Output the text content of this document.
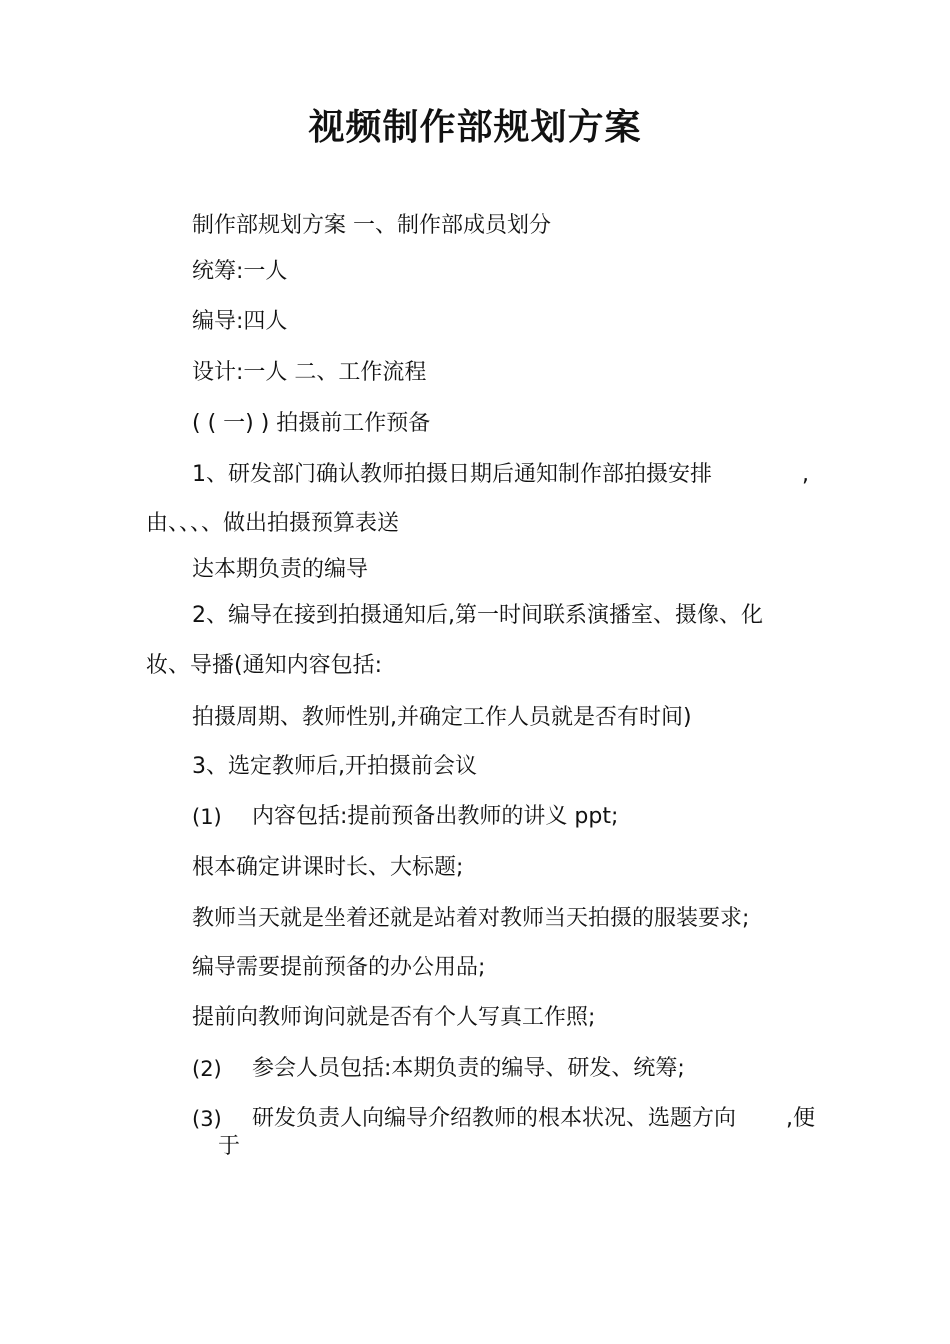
视频制作部规划方案
制作部规划方案 一、制作部成员划分
统筹:一人
编导:四人
设计:一人 二、工作流程
( ( 一) ) 拍摄前工作预备
1、研发部门确认教师拍摄日期后通知制作部拍摄安排	,
由、、、、做出拍摄预算表送
达本期负责的编导
2、编导在接到拍摄通知后,第一时间联系演播室、摄像、化
妆、导播(通知内容包括:
拍摄周期、教师性别,并确定工作人员就是否有时间)
3、选定教师后,开拍摄前会议
(1) 内容包括:提前预备出教师的讲义 ppt;
根本确定讲课时长、大标题;
教师当天就是坐着还就是站着对教师当天拍摄的服装要求;
编导需要提前预备的办公用品;
提前向教师询问就是否有个人写真工作照;
(2) 参会人员包括:本期负责的编导、研发、统筹;
(3) 研发负责人向编导介绍教师的根本状况、选题方向 ,便
于
